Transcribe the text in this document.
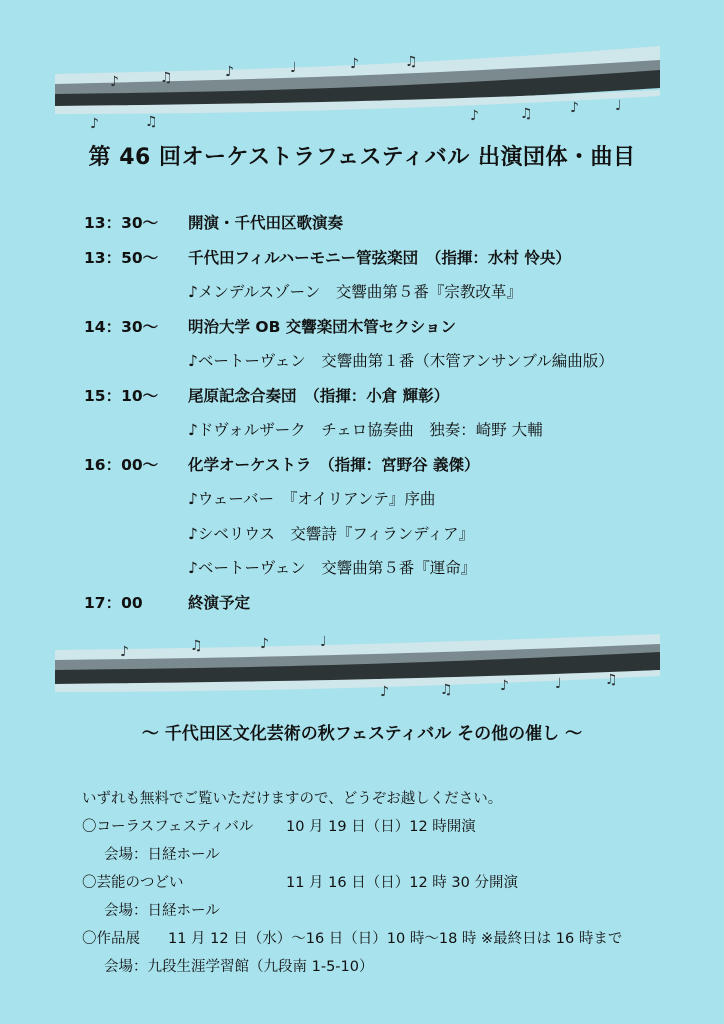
♪	♫	♪	♩	♪	♫
♪	♫	♪	♩
♪	♫
第 46 回オーケストラフェスティバル 出演団体・曲目
13：30～	開演・千代田区歌演奏
13：50～	千代田フィルハーモニー管弦楽団　（指揮：水村 怜央）
♪メンデルスゾーン　交響曲第５番『宗教改革』
14：30～	明治大学 OB 交響楽団木管セクション
♪ベートーヴェン　交響曲第１番（木管アンサンブル編曲版）
15：10～	尾原記念合奏団　（指揮：小倉 輝彰）
♪ドヴォルザーク　チェロ協奏曲　独奏：崎野 大輔
16：00～	化学オーケストラ　（指揮：宮野谷 義傑）
♪ウェーバー　『オイリアンテ』序曲
♪シベリウス　交響詩『フィランディア』
♪ベートーヴェン　交響曲第５番『運命』
17：00	終演予定
♪	♫	♪	♩
♪	♫	♪	♩	♫
～ 千代田区文化芸術の秋フェスティバル その他の催し ～
いずれも無料でご覧いただけますので、どうぞお越しください。
〇コーラスフェスティバル 10 月 19 日（日）12 時開演
会場：日経ホール
〇芸能のつどい	11 月 16 日（日）12 時 30 分開演
会場：日経ホール
〇作品展 11 月 12 日（水）～16 日（日）10 時～18 時 ※最終日は 16 時まで
会場：九段生涯学習館（九段南 1-5-10）
